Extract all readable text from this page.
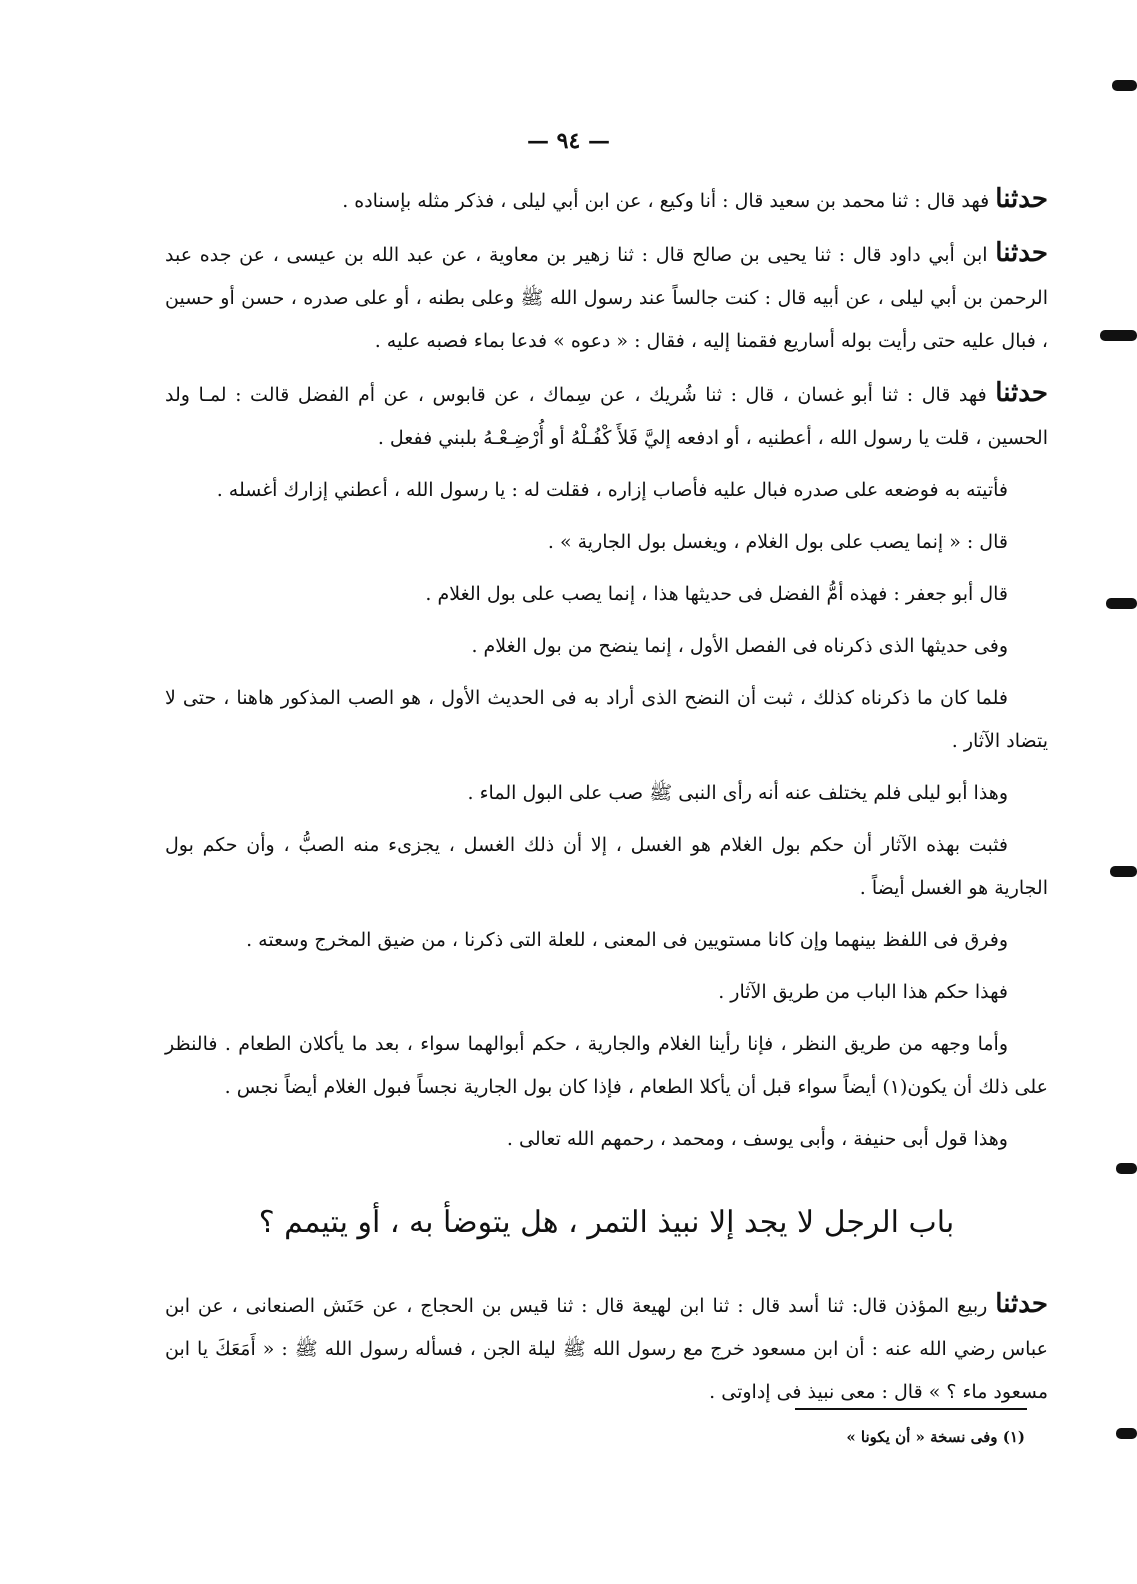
— ٩٤ —

حدثنا فهد قال : ثنا محمد بن سعيد قال : أنا وكيع ، عن ابن أبي ليلى ، فذكر مثله بإسناده .

حدثنا ابن أبي داود قال : ثنا يحيى بن صالح قال : ثنا زهير بن معاوية ، عن عبد الله بن عيسى ، عن جده عبد الرحمن بن أبي ليلى ، عن أبيه قال : كنت جالساً عند رسول الله ﷺ وعلى بطنه ، أو على صدره ، حسن أو حسين ، فبال عليه حتى رأيت بوله أساريع فقمنا إليه ، فقال : « دعوه » فدعا بماء فصبه عليه .

حدثنا فهد قال : ثنا أبو غسان ، قال : ثنا شُريك ، عن سِماك ، عن قابوس ، عن أم الفضل قالت : لمـا ولد الحسين ، قلت يا رسول الله ، أعطنيه ، أو ادفعه إليَّ فَلأَ كْفُـلْهُ أو أُرْضِـعْـهُ بلبني ففعل .

فأتيته به فوضعه على صدره فبال عليه فأصاب إزاره ، فقلت له : يا رسول الله ، أعطني إزارك أغسله .

قال : « إنما يصب على بول الغلام ، ويغسل بول الجارية » .

قال أبو جعفر : فهذه أمُّ الفضل فى حديثها هذا ، إنما يصب على بول الغلام .

وفى حديثها الذى ذكرناه فى الفصل الأول ، إنما ينضح من بول الغلام .

فلما كان ما ذكرناه كذلك ، ثبت أن النضح الذى أراد به فى الحديث الأول ، هو الصب المذكور هاهنا ، حتى لا يتضاد الآثار .

وهذا أبو ليلى فلم يختلف عنه أنه رأى النبى ﷺ صب على البول الماء .

فثبت بهذه الآثار أن حكم بول الغلام هو الغسل ، إلا أن ذلك الغسل ، يجزىء منه الصبُّ ، وأن حكم بول الجارية هو الغسل أيضاً .

وفرق فى اللفظ بينهما وإن كانا مستويين فى المعنى ، للعلة التى ذكرنا ، من ضيق المخرج وسعته .

فهذا حكم هذا الباب من طريق الآثار .

وأما وجهه من طريق النظر ، فإنا رأينا الغلام والجارية ، حكم أبوالهما سواء ، بعد ما يأكلان الطعام . فالنظر على ذلك أن يكون(١) أيضاً سواء قبل أن يأكلا الطعام ، فإذا كان بول الجارية نجساً فبول الغلام أيضاً نجس .

وهذا قول أبى حنيفة ، وأبى يوسف ، ومحمد ، رحمهم الله تعالى .

باب الرجل لا يجد إلا نبيذ التمر ، هل يتوضأ به ، أو يتيمم ؟

حدثنا ربيع المؤذن قال: ثنا أسد قال : ثنا ابن لهيعة قال : ثنا قيس بن الحجاج ، عن حَنَش الصنعانى ، عن ابن عباس رضي الله عنه : أن ابن مسعود خرج مع رسول الله ﷺ ليلة الجن ، فسأله رسول الله ﷺ : « أَمَعَكَ يا ابن مسعود ماء ؟ » قال : معى نبيذ فى إداوتى .

(١) وفى نسخة « أن يكونا »
